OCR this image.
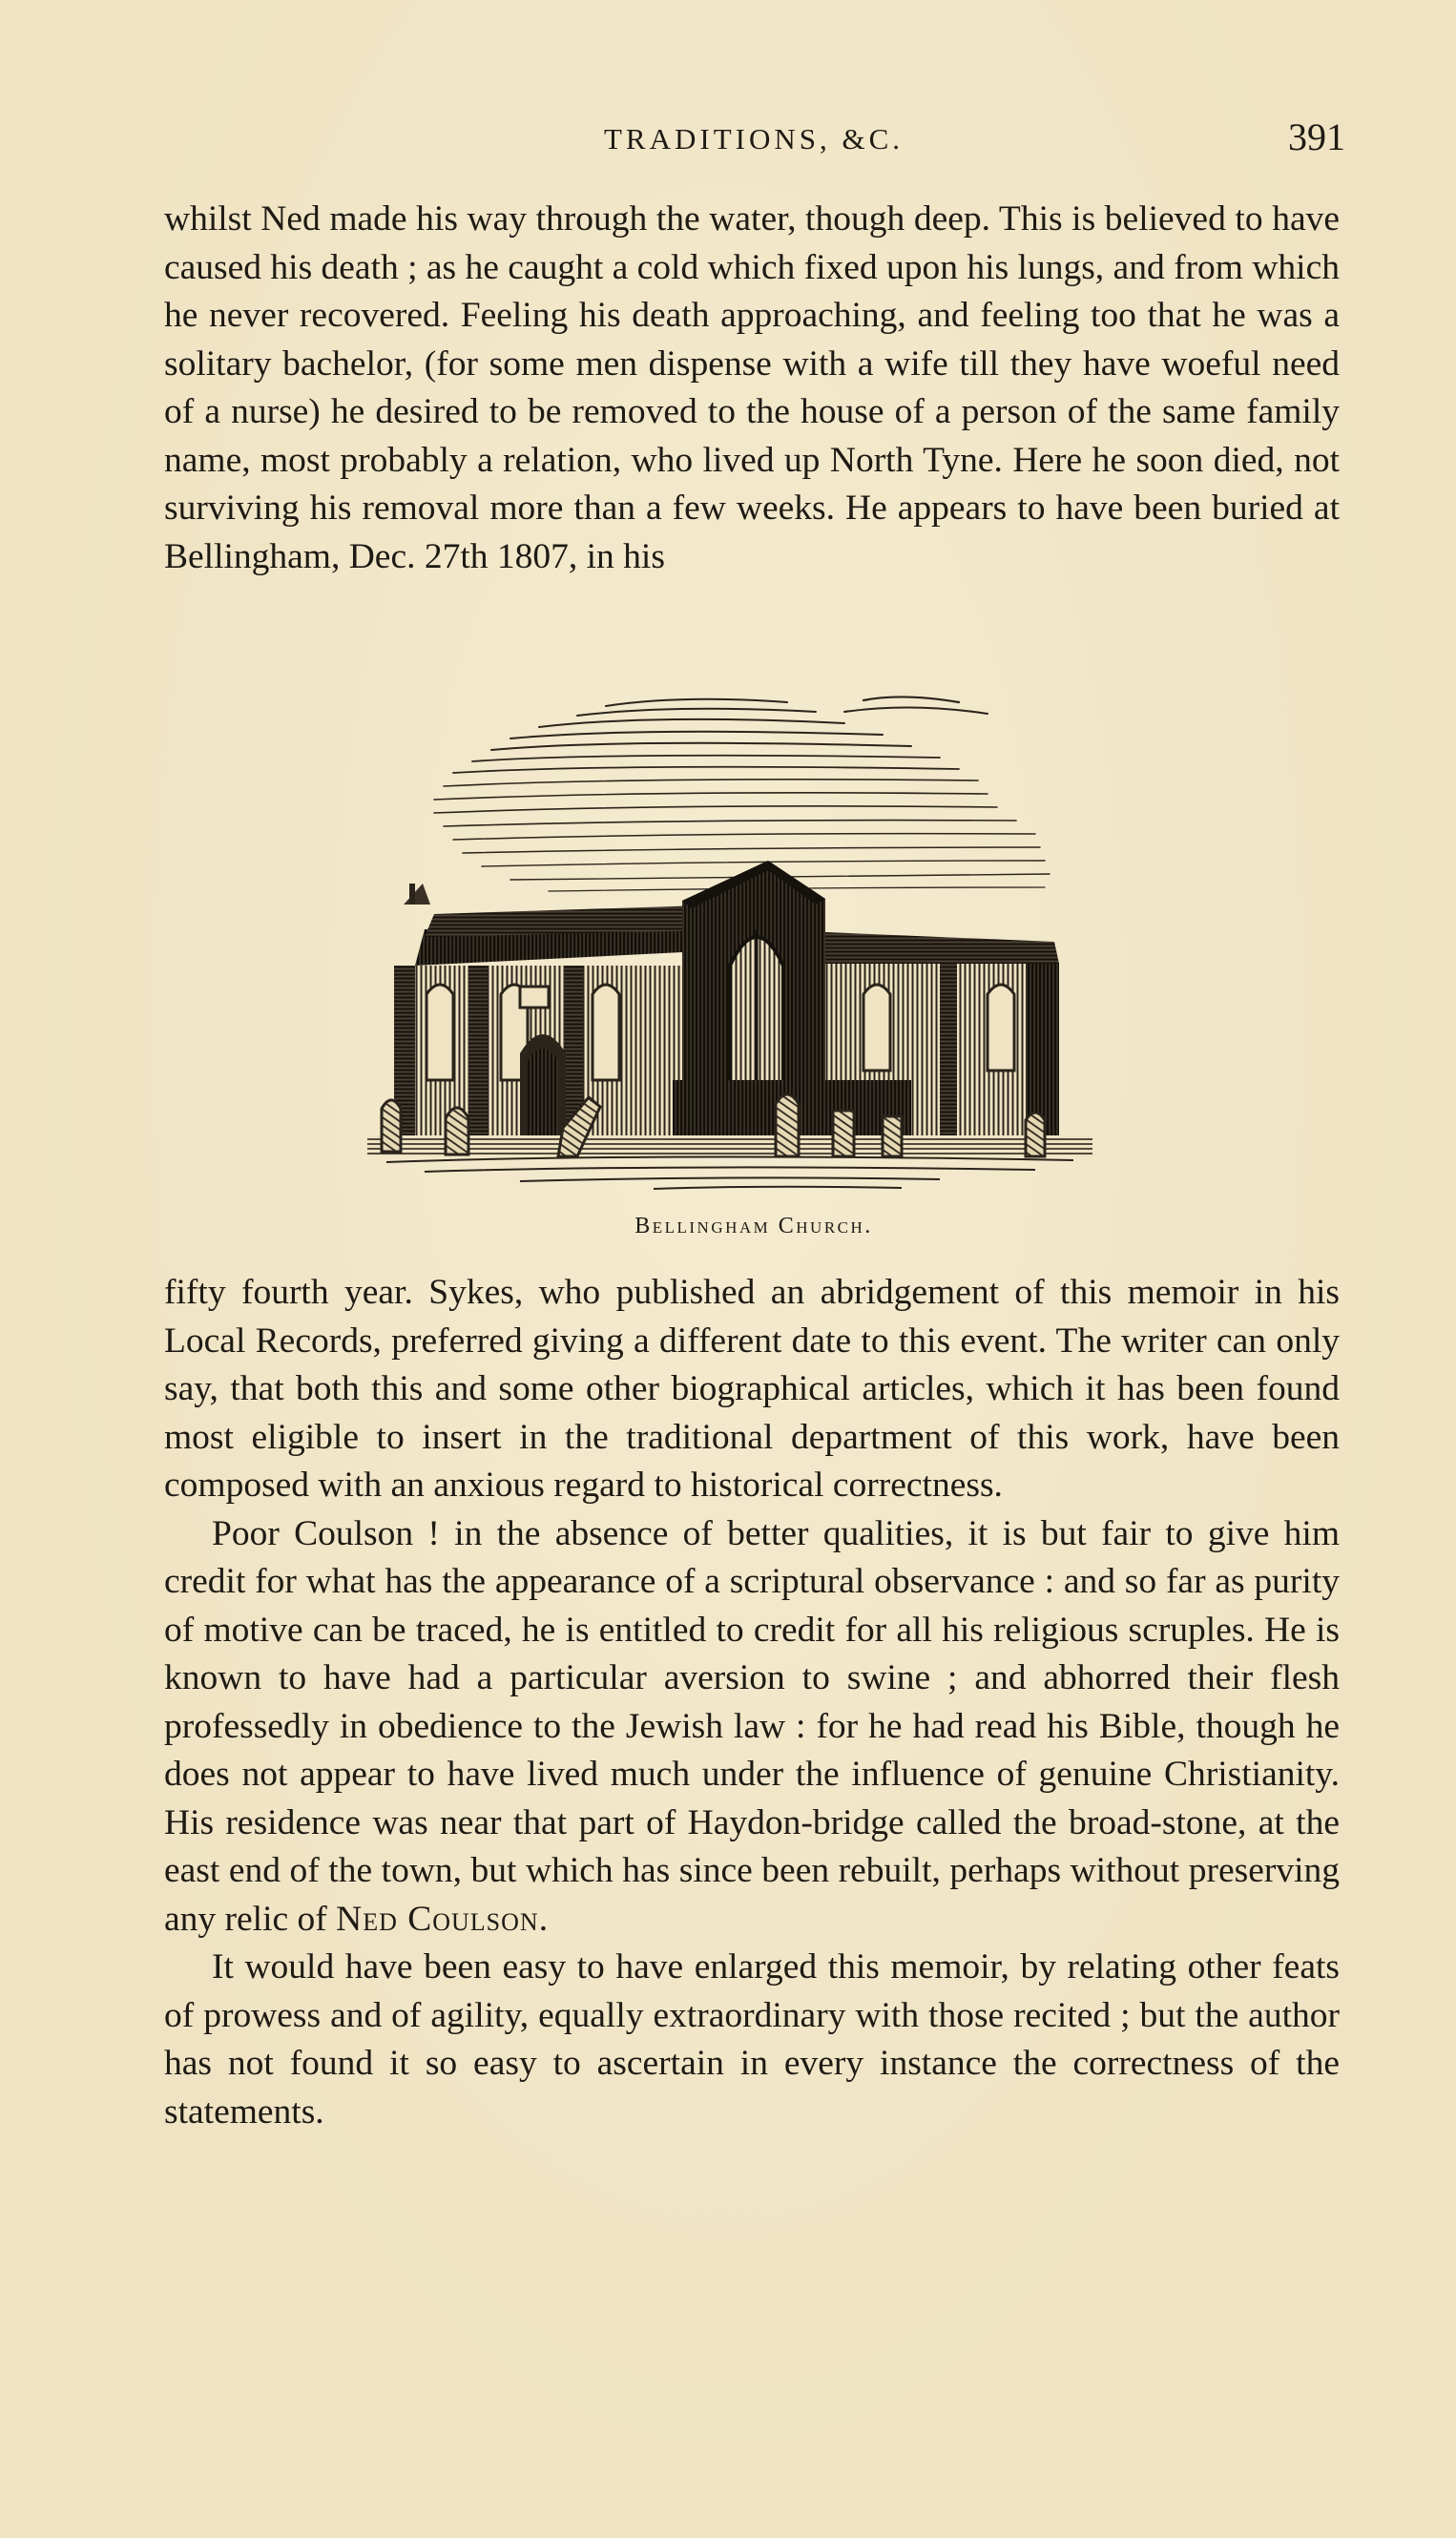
TRADITIONS, &C.	391

whilst Ned made his way through the water, though deep. This is believed to have caused his death ; as he caught a cold which fixed upon his lungs, and from which he never recovered. Feeling his death approaching, and feeling too that he was a solitary bachelor, (for some men dispense with a wife till they have woeful need of a nurse) he desired to be removed to the house of a person of the same family name, most probably a relation, who lived up North Tyne. Here he soon died, not surviving his removal more than a few weeks. He appears to have been buried at Bellingham, Dec. 27th 1807, in his

Bellingham Church.

fifty fourth year. Sykes, who published an abridgement of this memoir in his Local Records, preferred giving a different date to this event. The writer can only say, that both this and some other biographical articles, which it has been found most eligible to insert in the traditional department of this work, have been composed with an anxious regard to historical correctness.

Poor Coulson ! in the absence of better qualities, it is but fair to give him credit for what has the appearance of a scriptural observance : and so far as purity of motive can be traced, he is entitled to credit for all his religious scruples. He is known to have had a particular aversion to swine ; and abhorred their flesh professedly in obedience to the Jewish law : for he had read his Bible, though he does not appear to have lived much under the influence of genuine Christianity. His residence was near that part of Haydon-bridge called the broad-stone, at the east end of the town, but which has since been rebuilt, perhaps without preserving any relic of Ned Coulson.

It would have been easy to have enlarged this memoir, by relating other feats of prowess and of agility, equally extraordinary with those recited ; but the author has not found it so easy to ascertain in every instance the correctness of the statements.
